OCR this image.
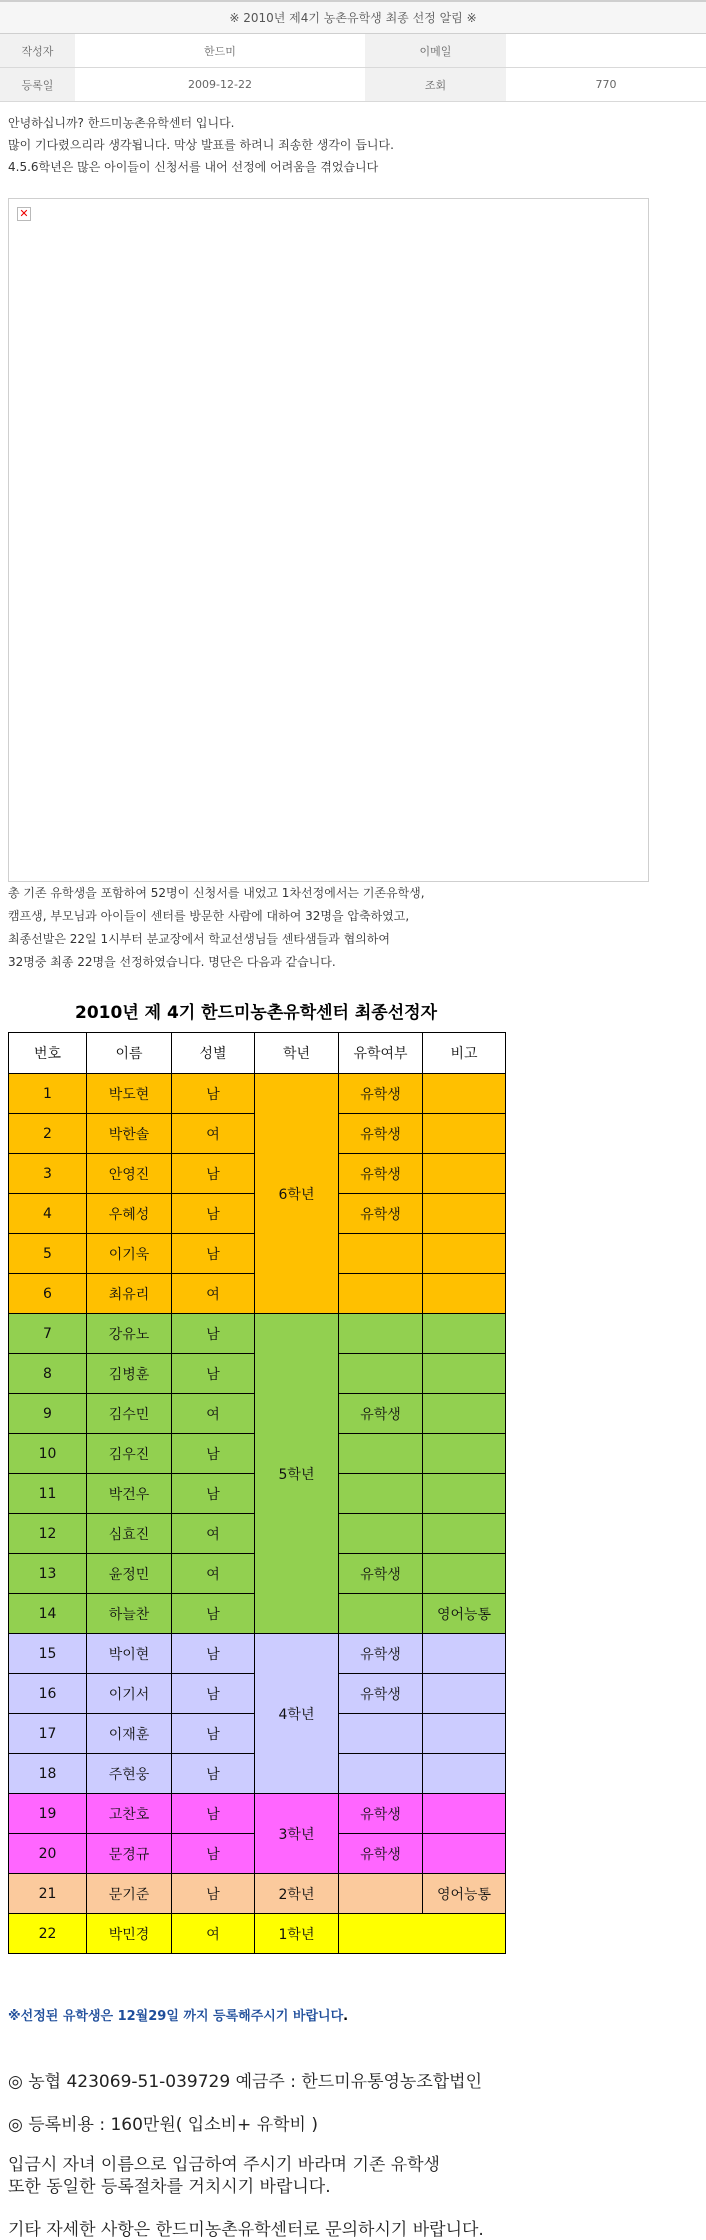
※ 2010년 제4기 농촌유학생 최종 선정 알림 ※
작성자	한드미	이메일
등록일	2009-12-22	조회	770
안녕하십니까? 한드미농촌유학센터 입니다.
많이 기다렸으리라 생각됩니다. 막상 발표를 하려니 죄송한 생각이 듭니다.
4.5.6학년은 많은 아이들이 신청서를 내어 선정에 어려움을 겪었습니다
✕
총 기존 유학생을 포함하여 52명이 신청서를 내었고 1차선정에서는 기존유학생,
캠프생, 부모님과 아이들이 센터를 방문한 사람에 대하여 32명을 압축하였고,
최종선발은 22일 1시부터 분교장에서 학교선생님들 센타샘들과 협의하여
32명중 최종 22명을 선정하였습니다. 명단은 다음과 같습니다.
2010년 제 4기 한드미농촌유학센터 최종선정자
번호	이름	성별	학년	유학여부	비고
1	박도현	남	6학년	유학생	
2	박한솔	여		유학생	
3	안영진	남		유학생	
4	우혜성	남		유학생	
5	이기욱	남			
6	최유리	여			
7	강유노	남	5학년		
8	김병훈	남			
9	김수민	여		유학생	
10	김우진	남			
11	박건우	남			
12	심효진	여			
13	윤정민	여		유학생	
14	하늘찬	남			영어능통
15	박이현	남	4학년	유학생	
16	이기서	남		유학생	
17	이재훈	남			
18	주현웅	남			
19	고찬호	남	3학년	유학생	
20	문경규	남		유학생	
21	문기준	남	2학년		영어능통
22	박민경	여	1학년		
※선정된 유학생은 12월29일 까지 등록해주시기 바랍니다.
◎ 농협 423069-51-039729 예금주 : 한드미유통영농조합법인
◎ 등록비용 : 160만원( 입소비+ 유학비 )
입금시 자녀 이름으로 입금하여 주시기 바라며 기존 유학생
또한 동일한 등록절차를 거치시기 바랍니다.
기타 자세한 사항은 한드미농촌유학센터로 문의하시기 바랍니다.
